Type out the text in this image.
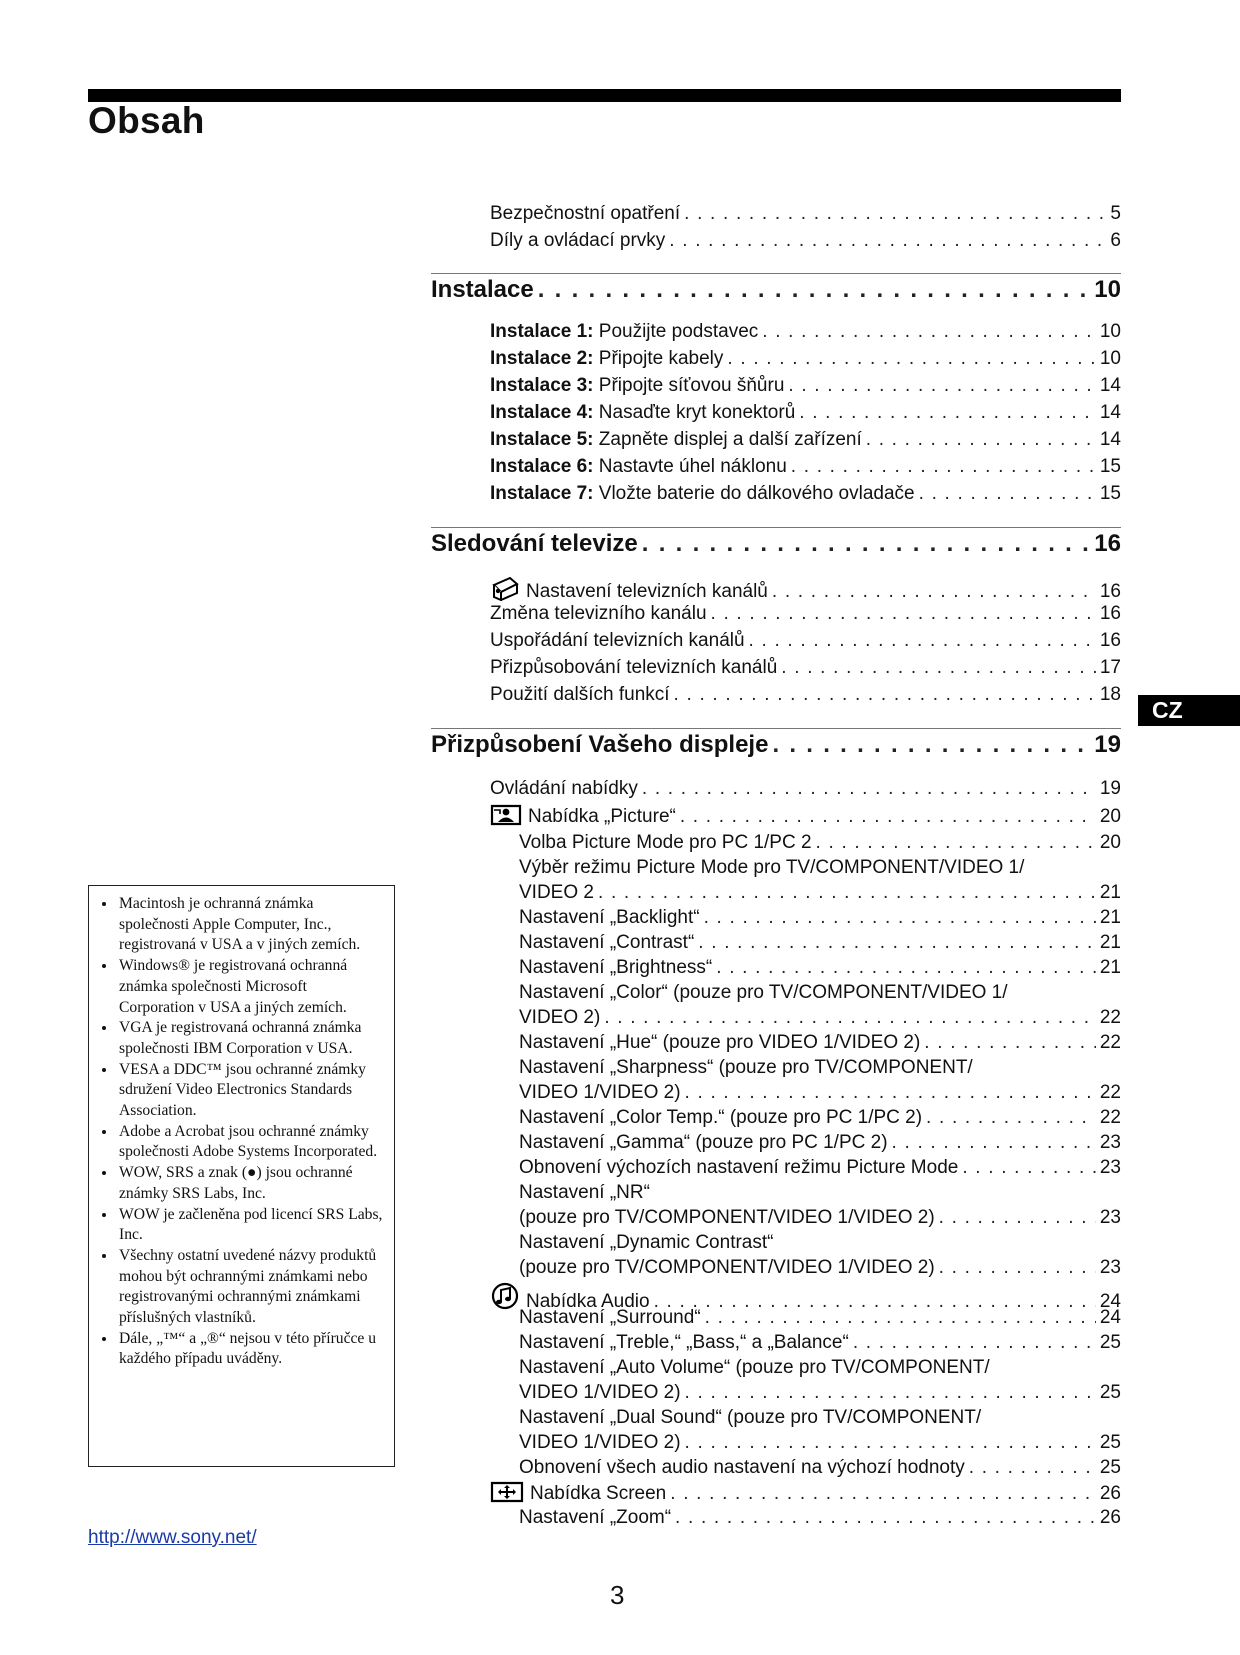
Obsah
CZ
Bezpečnostní opatření . . .	5
Díly a ovládací prvky . . .	6
Instalace . . .	10
Instalace 1: Použijte podstavec . . .	10
Instalace 2: Připojte kabely . . .	10
Instalace 3: Připojte síťovou šňůru . . .	14
Instalace 4: Nasaďte kryt konektorů . . .	14
Instalace 5: Zapněte displej a další zařízení . . .	14
Instalace 6: Nastavte úhel náklonu . . .	15
Instalace 7: Vložte baterie do dálkového ovladače . . .	15
Sledování televize . . .	16
Nastavení televizních kanálů . . .	16
Změna televizního kanálu . . .	16
Uspořádání televizních kanálů . . .	16
Přizpůsobování televizních kanálů . . .	17
Použití dalších funkcí . . .	18
Přizpůsobení Vašeho displeje . . .	19
Ovládání nabídky . . .	19
Nabídka „Picture“ . . .	20
Volba Picture Mode pro PC 1/PC 2 . . .	20
Výběr režimu Picture Mode pro TV/COMPONENT/VIDEO 1/
VIDEO 2 . . .	21
Nastavení „Backlight“ . . .	21
Nastavení „Contrast“ . . .	21
Nastavení „Brightness“ . . .	21
Nastavení „Color“ (pouze pro TV/COMPONENT/VIDEO 1/
VIDEO 2) . . .	22
Nastavení „Hue“ (pouze pro VIDEO 1/VIDEO 2) . . .	22
Nastavení „Sharpness“ (pouze pro TV/COMPONENT/
VIDEO 1/VIDEO 2) . . .	22
Nastavení „Color Temp.“ (pouze pro PC 1/PC 2) . . .	22
Nastavení „Gamma“ (pouze pro PC 1/PC 2) . . .	23
Obnovení výchozích nastavení režimu Picture Mode . . .	23
Nastavení „NR“
(pouze pro TV/COMPONENT/VIDEO 1/VIDEO 2) . . .	23
Nastavení „Dynamic Contrast“
(pouze pro TV/COMPONENT/VIDEO 1/VIDEO 2) . . .	23
Nabídka Audio . . .	24
Nastavení „Surround“ . . .	24
Nastavení „Treble,“ „Bass,“ a „Balance“ . . .	25
Nastavení „Auto Volume“ (pouze pro TV/COMPONENT/
VIDEO 1/VIDEO 2) . . .	25
Nastavení „Dual Sound“ (pouze pro TV/COMPONENT/
VIDEO 1/VIDEO 2) . . .	25
Obnovení všech audio nastavení na výchozí hodnoty . . .	25
Nabídka Screen . . .	26
Nastavení „Zoom“ . . .	26
• Macintosh je ochranná známka společnosti Apple Computer, Inc., registrovaná v USA a v jiných zemích.
• Windows® je registrovaná ochranná známka společnosti Microsoft Corporation v USA a jiných zemích.
• VGA je registrovaná ochranná známka společnosti IBM Corporation v USA.
• VESA a DDC™ jsou ochranné známky sdružení Video Electronics Standards Association.
• Adobe a Acrobat jsou ochranné známky společnosti Adobe Systems Incorporated.
• WOW, SRS a znak (●) jsou ochranné známky SRS Labs, Inc.
• WOW je začleněna pod licencí SRS Labs, Inc.
• Všechny ostatní uvedené názvy produktů mohou být ochrannými známkami nebo registrovanými ochrannými známkami příslušných vlastníků.
• Dále, „™“ a „®“ nejsou v této příručce u každého případu uváděny.
http://www.sony.net/
3
